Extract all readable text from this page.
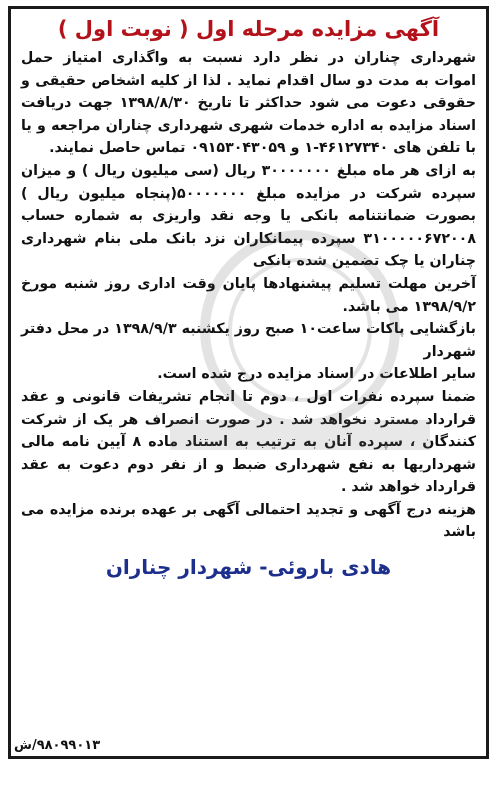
آگهی مزایده مرحله اول ( نوبت اول )

شهرداری چناران در نظر دارد نسبت به واگذاری امتیاز حمل اموات به مدت دو سال اقدام نماید . لذا از کلیه اشخاص حقیقی و حقوقی دعوت می شود حداکثر تا تاریخ ۱۳۹۸/۸/۳۰ جهت دریافت اسناد مزایده به اداره خدمات شهری شهرداری چناران مراجعه و یا با تلفن های ۴۶۱۲۷۳۴۰-۱ و ۰۹۱۵۳۰۴۳۰۵۹ تماس حاصل نمایند.

به ازای هر ماه مبلغ ۳۰۰۰۰۰۰۰ ریال (سی میلیون ریال ) و میزان سپرده شرکت در مزایده مبلغ ۵۰۰۰۰۰۰۰(پنجاه میلیون ریال ) بصورت ضمانتنامه بانکی یا وجه نقد واریزی به شماره حساب ۳۱۰۰۰۰۰۶۷۲۰۰۸ سپرده پیمانکاران نزد بانک ملی بنام شهرداری چناران یا چک تضمین شده بانکی

آخرین مهلت تسلیم پیشنهادها پایان وقت اداری روز شنبه مورخ ۱۳۹۸/۹/۲ می باشد.

بازگشایی پاکات ساعت۱۰ صبح روز یکشنبه ۱۳۹۸/۹/۳ در محل دفتر شهردار

سایر اطلاعات در اسناد مزایده درج شده است.

ضمنا سپرده نفرات اول ، دوم تا انجام تشریفات قانونی و عقد قرارداد مسترد نخواهد شد . در صورت انصراف هر یک از شرکت کنندگان ، سپرده آنان به ترتیب به استناد ماده ۸ آیین نامه مالی شهرداریها به نفع شهرداری ضبط و از نفر دوم دعوت به عقد قرارداد خواهد شد .

هزینه درج آگهی و تجدید احتمالی آگهی بر عهده برنده مزایده می باشد

هادی باروئی- شهردار چناران
۹۸۰۹۹۰۱۳/ش
